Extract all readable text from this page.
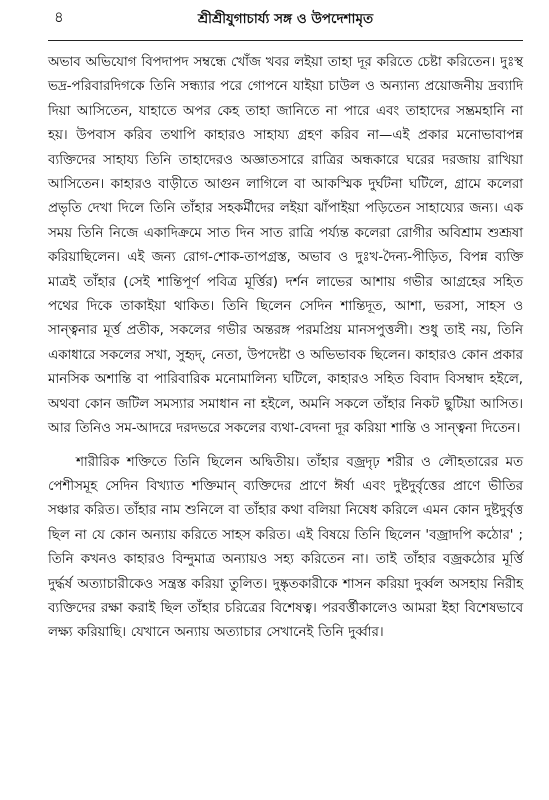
৪	শ্রীশ্রীযুগাচার্য্য সঙ্গ ও উপদেশামৃত

অভাব অভিযোগ বিপদাপদ সম্বন্ধে খোঁজ খবর লইয়া তাহা দূর করিতে চেষ্টা করিতেন। দুঃস্থ ভদ্র-পরিবারদিগকে তিনি সন্ধ্যার পরে গোপনে যাইয়া চাউল ও অন্যান্য প্রয়োজনীয় দ্রব্যাদি দিয়া আসিতেন, যাহাতে অপর কেহ তাহা জানিতে না পারে এবং তাহাদের সম্ভ্রমহানি না হয়। উপবাস করিব তথাপি কাহারও সাহায্য গ্রহণ করিব না—এই প্রকার মনোভাবাপন্ন ব্যক্তিদের সাহায্য তিনি তাহাদেরও অজ্ঞাতসারে রাত্রির অন্ধকারে ঘরের দরজায় রাখিয়া আসিতেন। কাহারও বাড়ীতে আগুন লাগিলে বা আকস্মিক দুর্ঘটনা ঘটিলে, গ্রামে কলেরা প্রভৃতি দেখা দিলে তিনি তাঁহার সহকর্মীদের লইয়া ঝাঁপাইয়া পড়িতেন সাহায্যের জন্য। এক সময় তিনি নিজে একাদিক্রমে সাত দিন সাত রাত্রি পর্য্যন্ত কলেরা রোগীর অবিশ্রাম শুশ্রূষা করিয়াছিলেন। এই জন্য রোগ-শোক-তাপগ্রস্ত, অভাব ও দুঃখ-দৈন্য-পীড়িত, বিপন্ন ব্যক্তি মাত্রই তাঁহার (সেই শান্তিপূর্ণ পবিত্র মূর্ত্তির) দর্শন লাভের আশায় গভীর আগ্রহের সহিত পথের দিকে তাকাইয়া থাকিত। তিনি ছিলেন সেদিন শান্তিদূত, আশা, ভরসা, সাহস ও সান্ত্বনার মূর্ত্ত প্রতীক, সকলের গভীর অন্তরঙ্গ পরমপ্রিয় মানসপুত্তলী। শুধু তাই নয়, তিনি একাধারে সকলের সখা, সুহৃদ্‌, নেতা, উপদেষ্টা ও অভিভাবক ছিলেন। কাহারও কোন প্রকার মানসিক অশান্তি বা পারিবারিক মনোমালিন্য ঘটিলে, কাহারও সহিত বিবাদ বিসম্বাদ হইলে, অথবা কোন জটিল সমস্যার সমাধান না হইলে, অমনি সকলে তাঁহার নিকট ছুটিয়া আসিত। আর তিনিও সম-আদরে দরদভরে সকলের ব্যথা-বেদনা দূর করিয়া শান্তি ও সান্ত্বনা দিতেন।

শারীরিক শক্তিতে তিনি ছিলেন অদ্বিতীয়। তাঁহার বজ্রদৃঢ় শরীর ও লৌহতারের মত পেশীসমূহ সেদিন বিখ্যাত শক্তিমান্ ব্যক্তিদের প্রাণে ঈর্ষা এবং দুষ্টদুর্বৃত্তের প্রাণে ভীতির সঞ্চার করিত। তাঁহার নাম শুনিলে বা তাঁহার কথা বলিয়া নিষেধ করিলে এমন কোন দুষ্টদুর্বৃত্ত ছিল না যে কোন অন্যায় করিতে সাহস করিত। এই বিষয়ে তিনি ছিলেন 'বজ্রাদপি কঠোর' ; তিনি কখনও কাহারও বিন্দুমাত্র অন্যায়ও সহ্য করিতেন না। তাই তাঁহার বজ্রকঠোর মূর্ত্তি দুর্দ্ধর্ষ অত্যাচারীকেও সন্ত্রস্ত করিয়া তুলিত। দুষ্কৃতকারীকে শাসন করিয়া দুর্ব্বল অসহায় নিরীহ ব্যক্তিদের রক্ষা করাই ছিল তাঁহার চরিত্রের বিশেষত্ব। পরবর্ত্তীকালেও আমরা ইহা বিশেষভাবে লক্ষ্য করিয়াছি। যেখানে অন্যায় অত্যাচার সেখানেই তিনি দুর্ব্বার।
